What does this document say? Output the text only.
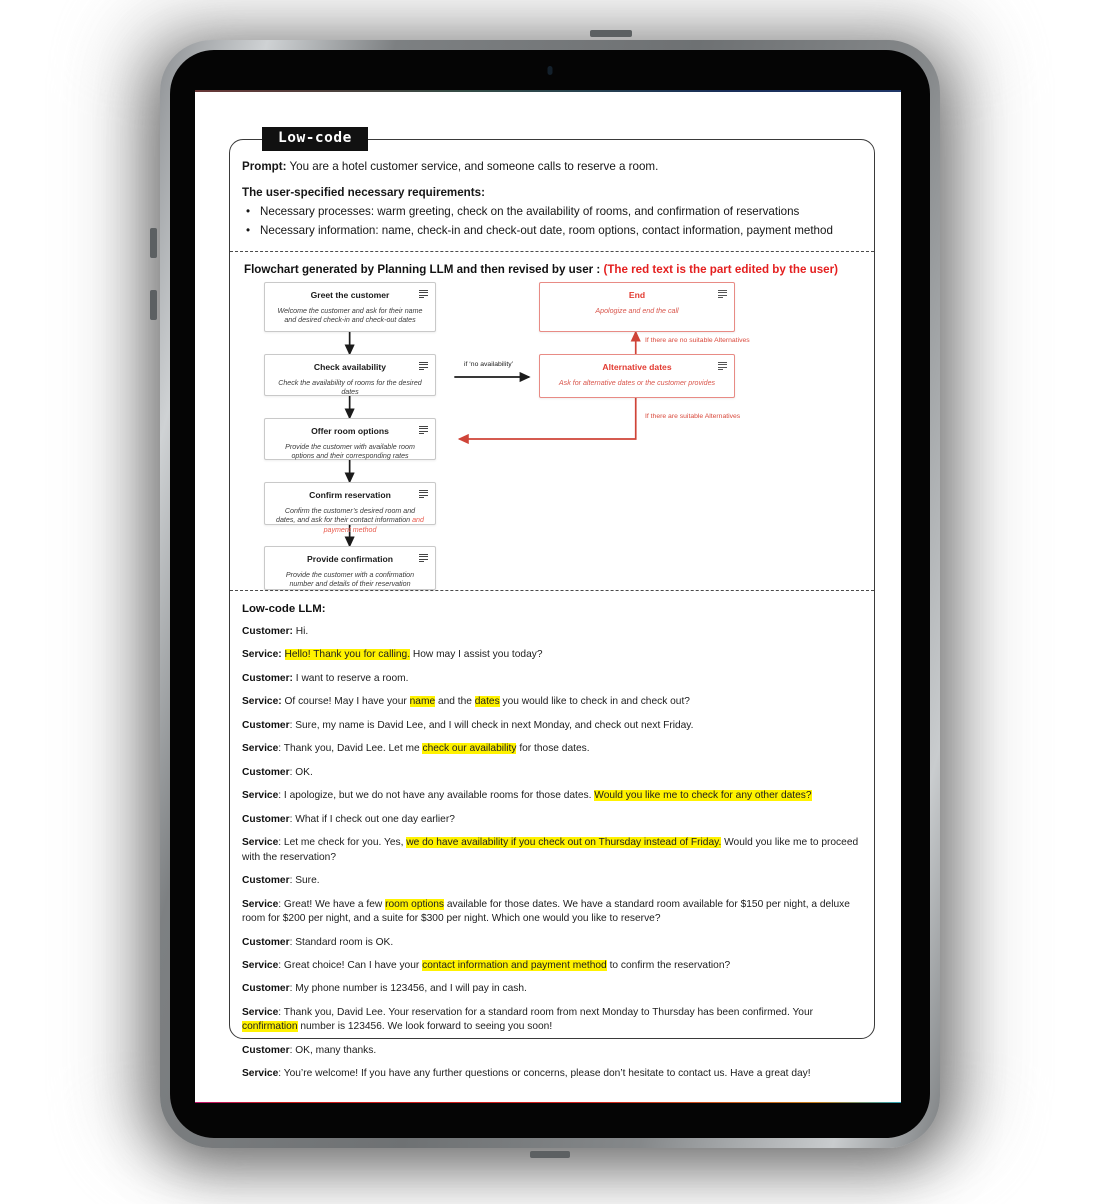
Low-code

Prompt: You are a hotel customer service, and someone calls to reserve a room.

The user-specified necessary requirements:

• Necessary processes: warm greeting, check on the availability of rooms, and confirmation of reservations
• Necessary information: name, check-in and check-out date, room options, contact information, payment method
Flowchart generated by Planning LLM and then revised by user : (The red text is the part edited by the user)
Greet the customer
Welcome the customer and ask for their name and desired check-in and check-out dates
Check availability
Check the availability of rooms for the desired dates
Offer room options
Provide the customer with available room options and their corresponding rates
Confirm reservation
Confirm the customer’s desired room and dates, and ask for their contact information and payment method
Provide confirmation
Provide the customer with a confirmation number and details of their reservation
End
Apologize and end the call
Alternative dates
Ask for alternative dates or the customer provides
if ‘no availability’
If there are no suitable Alternatives
If there are suitable Alternatives
Low-code LLM:

Customer: Hi.

Service: Hello! Thank you for calling. How may I assist you today?

Customer: I want to reserve a room.

Service: Of course! May I have your name and the dates you would like to check in and check out?

Customer: Sure, my name is David Lee, and I will check in next Monday, and check out next Friday.

Service: Thank you, David Lee. Let me check our availability for those dates.

Customer: OK.

Service: I apologize, but we do not have any available rooms for those dates. Would you like me to check for any other dates?

Customer: What if I check out one day earlier?

Service: Let me check for you. Yes, we do have availability if you check out on Thursday instead of Friday. Would you like me to proceed with the reservation?

Customer: Sure.

Service: Great! We have a few room options available for those dates. We have a standard room available for $150 per night, a deluxe room for $200 per night, and a suite for $300 per night. Which one would you like to reserve?

Customer: Standard room is OK.

Service: Great choice! Can I have your contact information and payment method to confirm the reservation?

Customer: My phone number is 123456, and I will pay in cash.

Service: Thank you, David Lee. Your reservation for a standard room from next Monday to Thursday has been confirmed. Your confirmation number is 123456. We look forward to seeing you soon!

Customer: OK, many thanks.

Service: You’re welcome! If you have any further questions or concerns, please don’t hesitate to contact us. Have a great day!
